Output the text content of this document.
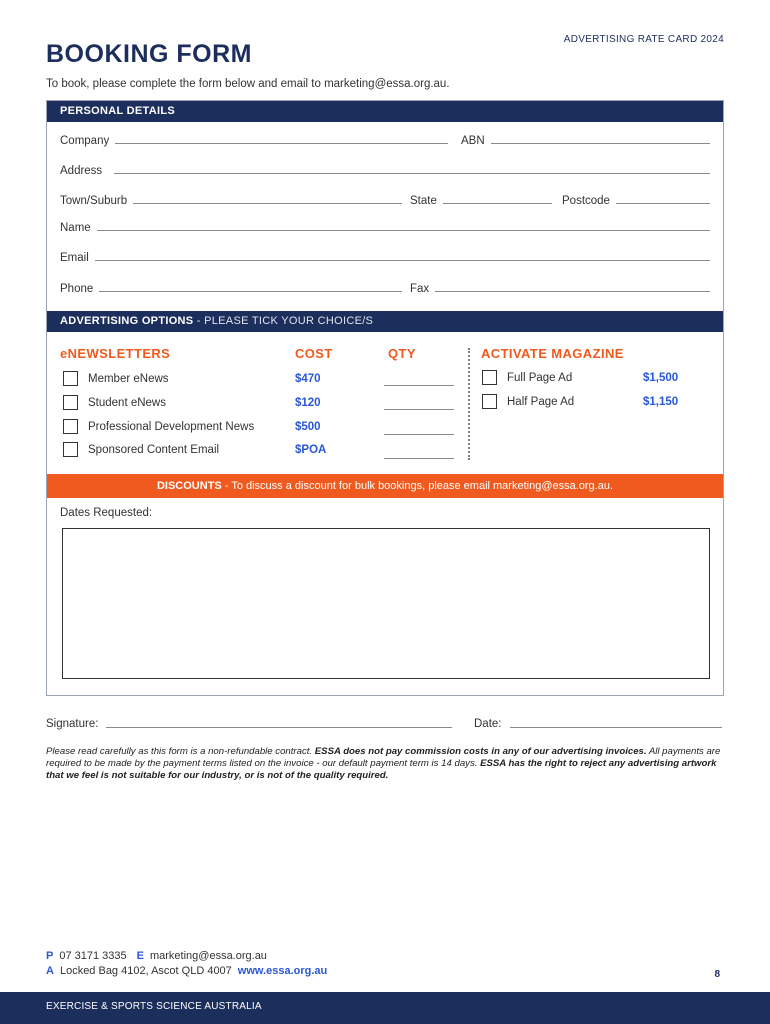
ADVERTISING RATE CARD 2024
BOOKING FORM
To book, please complete the form below and email to marketing@essa.org.au.
PERSONAL DETAILS
Company	ABN
Address
Town/Suburb	State	Postcode
Name
Email
Phone	Fax
ADVERTISING OPTIONS - PLEASE TICK YOUR CHOICE/S
eNEWSLETTERS	COST	QTY	ACTIVATE MAGAZINE
Member eNews	$470
Student eNews	$120
Professional Development News	$500
Sponsored Content Email	$POA
Full Page Ad	$1,500
Half Page Ad	$1,150
DISCOUNTS - To discuss a discount for bulk bookings, please email marketing@essa.org.au.
Dates Requested:
Signature:	Date:
Please read carefully as this form is a non-refundable contract. ESSA does not pay commission costs in any of our advertising invoices. All payments are required to be made by the payment terms listed on the invoice - our default payment term is 14 days. ESSA has the right to reject any advertising artwork that we feel is not suitable for our industry, or is not of the quality required.
P 07 3171 3335 E marketing@essa.org.au
A Locked Bag 4102, Ascot QLD 4007 www.essa.org.au	8
EXERCISE & SPORTS SCIENCE AUSTRALIA
